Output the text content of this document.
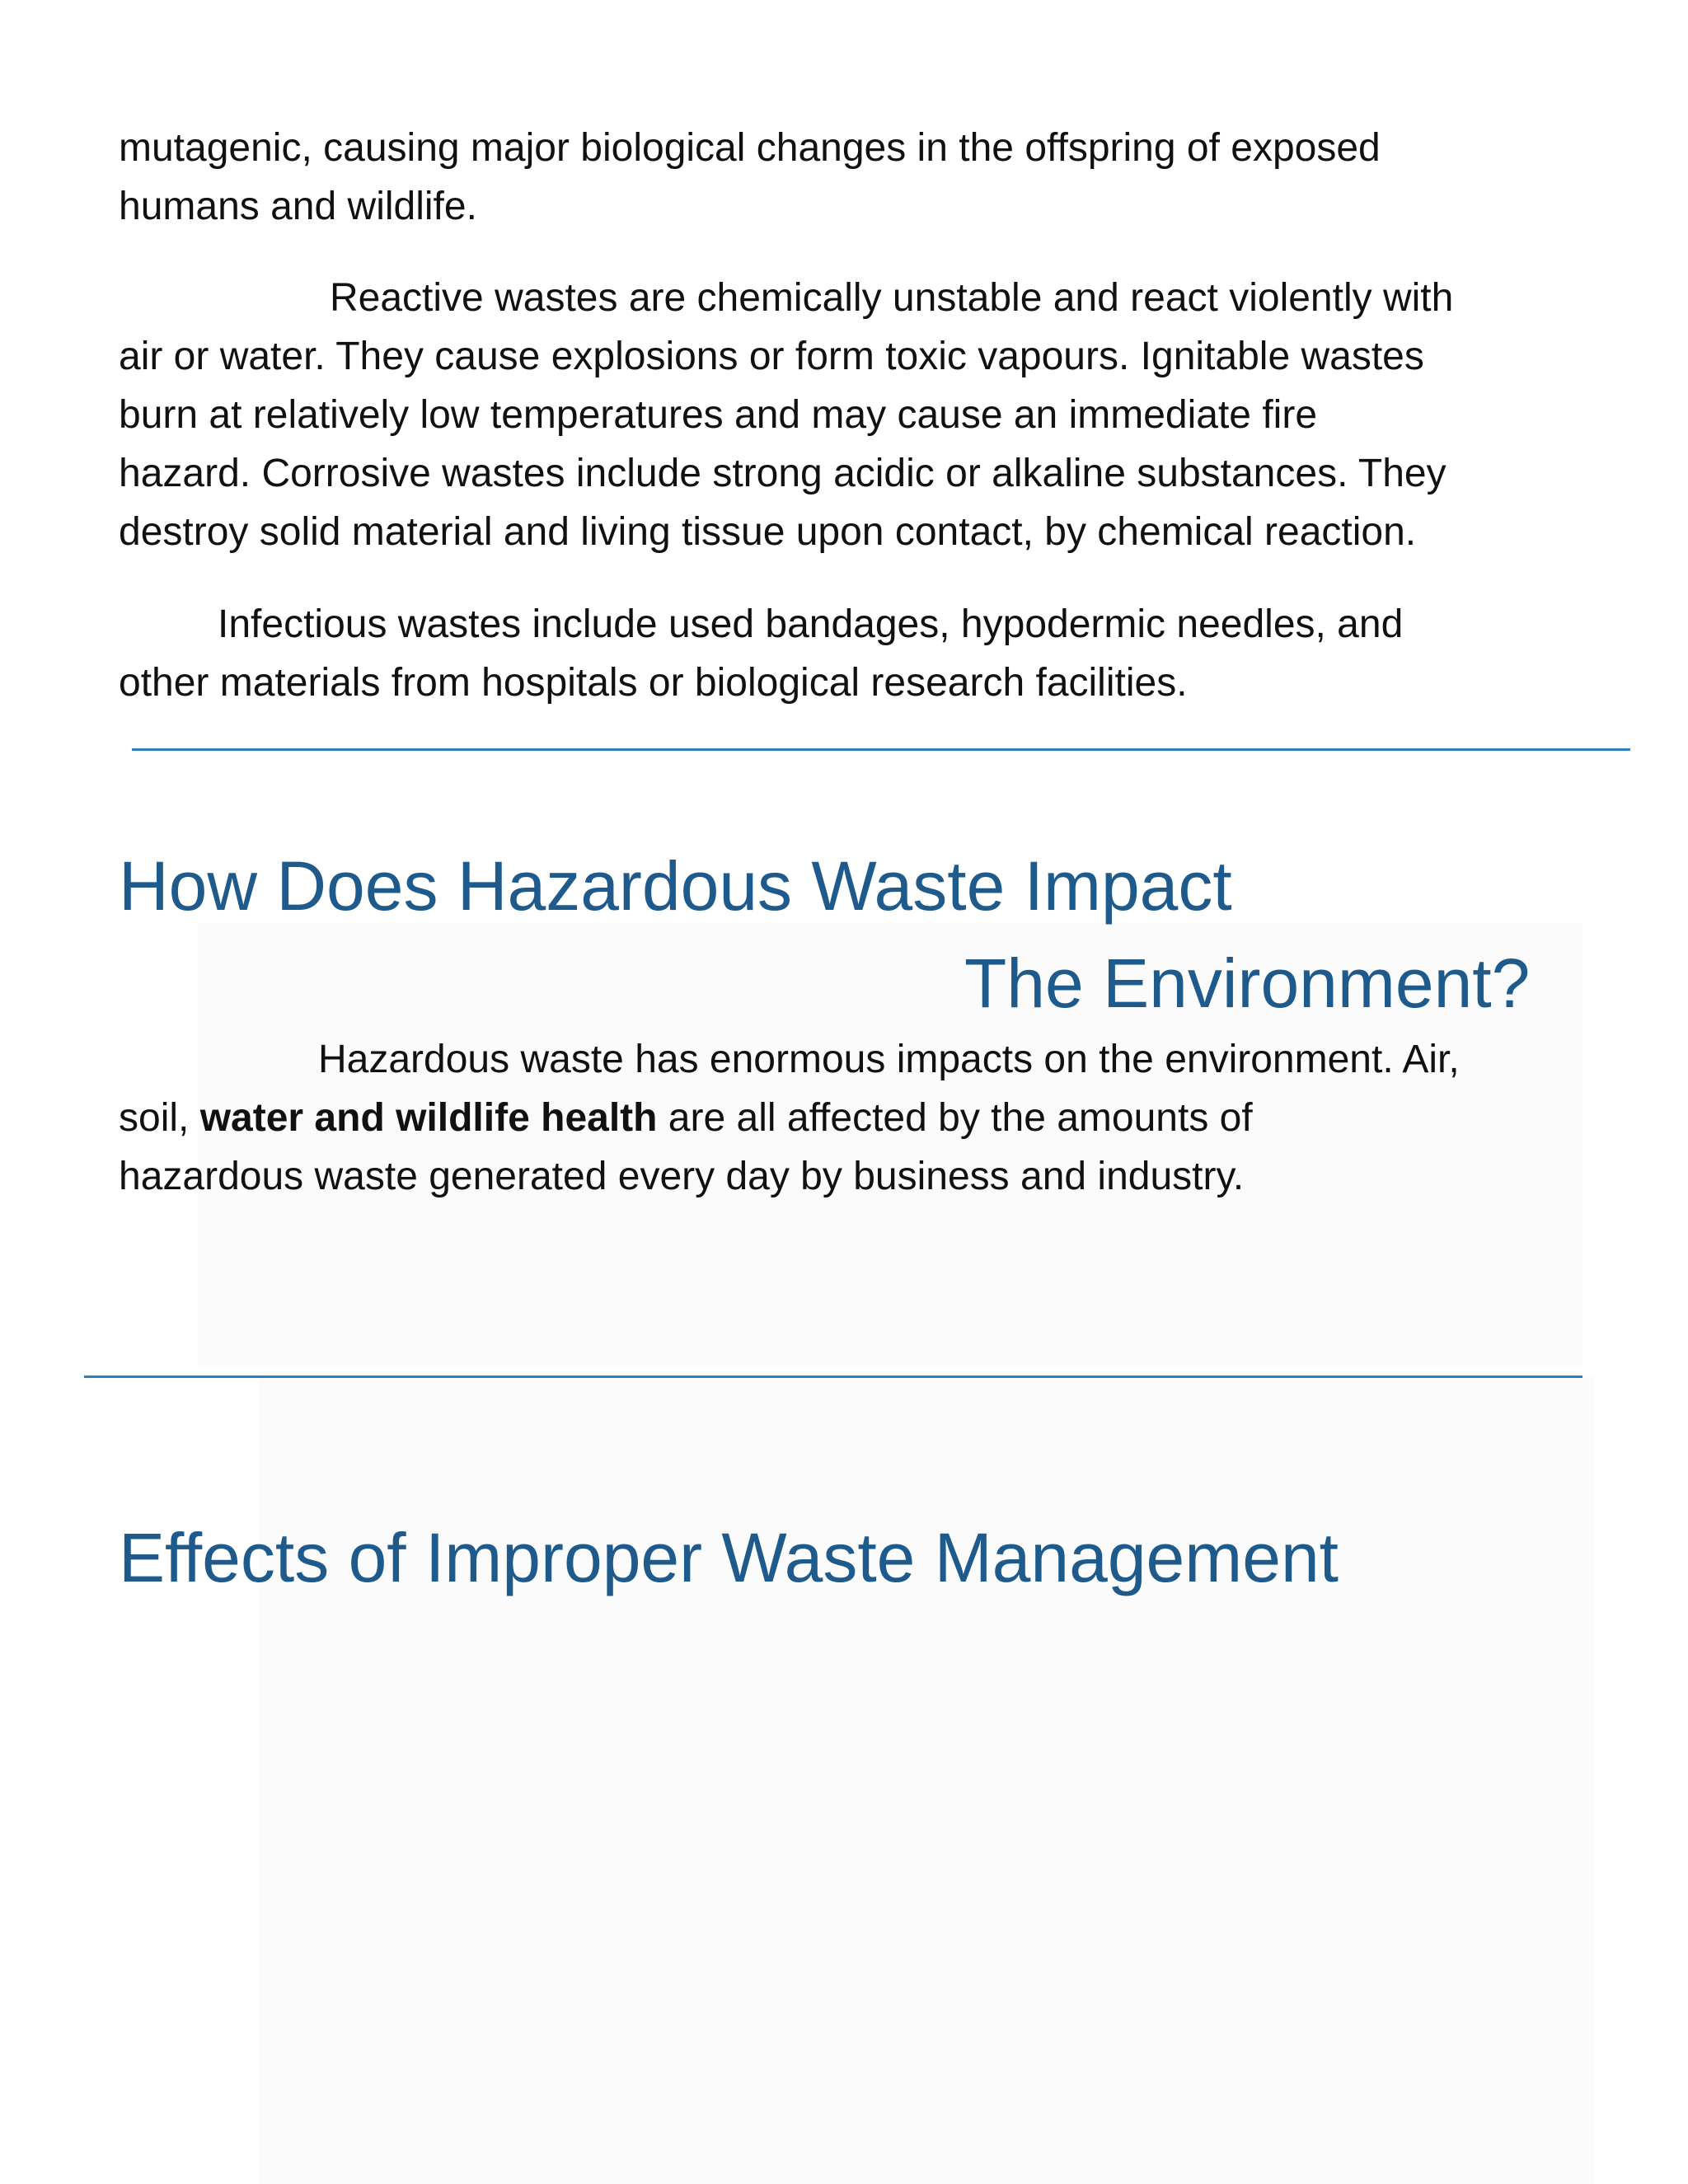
mutagenic, causing major biological changes in the offspring of exposed
humans and wildlife.

Reactive wastes are chemically unstable and react violently with
air or water. They cause explosions or form toxic vapours. Ignitable wastes
burn at relatively low temperatures and may cause an immediate fire
hazard. Corrosive wastes include strong acidic or alkaline substances. They
destroy solid material and living tissue upon contact, by chemical reaction.

Infectious wastes include used bandages, hypodermic needles, and
other materials from hospitals or biological research facilities.

How Does Hazardous Waste Impact
The Environment?

Hazardous waste has enormous impacts on the environment. Air,
soil, water and wildlife health are all affected by the amounts of
hazardous waste generated every day by business and industry.

Effects of Improper Waste Management
